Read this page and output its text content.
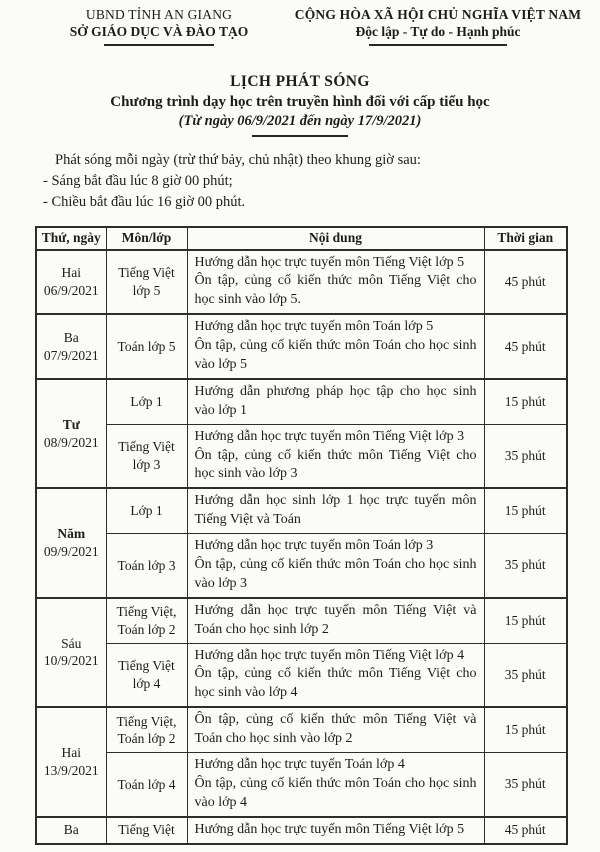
UBND TỈNH AN GIANG
SỞ GIÁO DỤC VÀ ĐÀO TẠO
CỘNG HÒA XÃ HỘI CHỦ NGHĨA VIỆT NAM
Độc lập - Tự do - Hạnh phúc
LỊCH PHÁT SÓNG
Chương trình dạy học trên truyền hình đối với cấp tiểu học
(Từ ngày 06/9/2021 đến ngày 17/9/2021)
Phát sóng mỗi ngày (trừ thứ bảy, chủ nhật) theo khung giờ sau:
- Sáng bắt đầu lúc 8 giờ 00 phút;
- Chiều bắt đầu lúc 16 giờ 00 phút.
Thứ, ngày	Môn/lớp	Nội dung	Thời gian

Hai
06/9/2021
	Tiếng Việt lớp 5	
Hướng dẫn học trực tuyến môn Tiếng Việt lớp 5
Ôn tập, củng cố kiến thức môn Tiếng Việt cho học sinh vào lớp 5.
	45 phút

Ba
07/9/2021
	Toán lớp 5	
Hướng dẫn học trực tuyến môn Toán lớp 5
Ôn tập, củng cố kiến thức môn Toán cho học sinh vào lớp 5
	45 phút

Tư
08/9/2021	Lớp 1	Hướng dẫn phương pháp học tập cho học sinh vào lớp 1	15 phút
	Tiếng Việt lớp 3	Hướng dẫn học trực tuyến môn Tiếng Việt lớp 3
Ôn tập, củng cố kiến thức môn Tiếng Việt cho học sinh vào lớp 3	35 phút

Năm
09/9/2021	Lớp 1	Hướng dẫn học sinh lớp 1 học trực tuyến môn Tiếng Việt và Toán	15 phút
	Toán lớp 3	Hướng dẫn học trực tuyến môn Toán lớp 3
Ôn tập, củng cố kiến thức môn Toán cho học sinh vào lớp 3	35 phút

Sáu
10/9/2021	Tiếng Việt, Toán lớp 2	Hướng dẫn học trực tuyến môn Tiếng Việt và Toán cho học sinh lớp 2	15 phút
	Tiếng Việt lớp 4	Hướng dẫn học trực tuyến môn Tiếng Việt lớp 4
Ôn tập, củng cố kiến thức môn Tiếng Việt cho học sinh vào lớp 4	35 phút

Hai
13/9/2021	Tiếng Việt, Toán lớp 2	Ôn tập, củng cố kiến thức môn Tiếng Việt và Toán cho học sinh vào lớp 2	15 phút
	Toán lớp 4	Hướng dẫn học trực tuyến Toán lớp 4
Ôn tập, củng cố kiến thức môn Toán cho học sinh vào lớp 4	35 phút

Ba	Tiếng Việt	Hướng dẫn học trực tuyến môn Tiếng Việt lớp 5	45 phút
